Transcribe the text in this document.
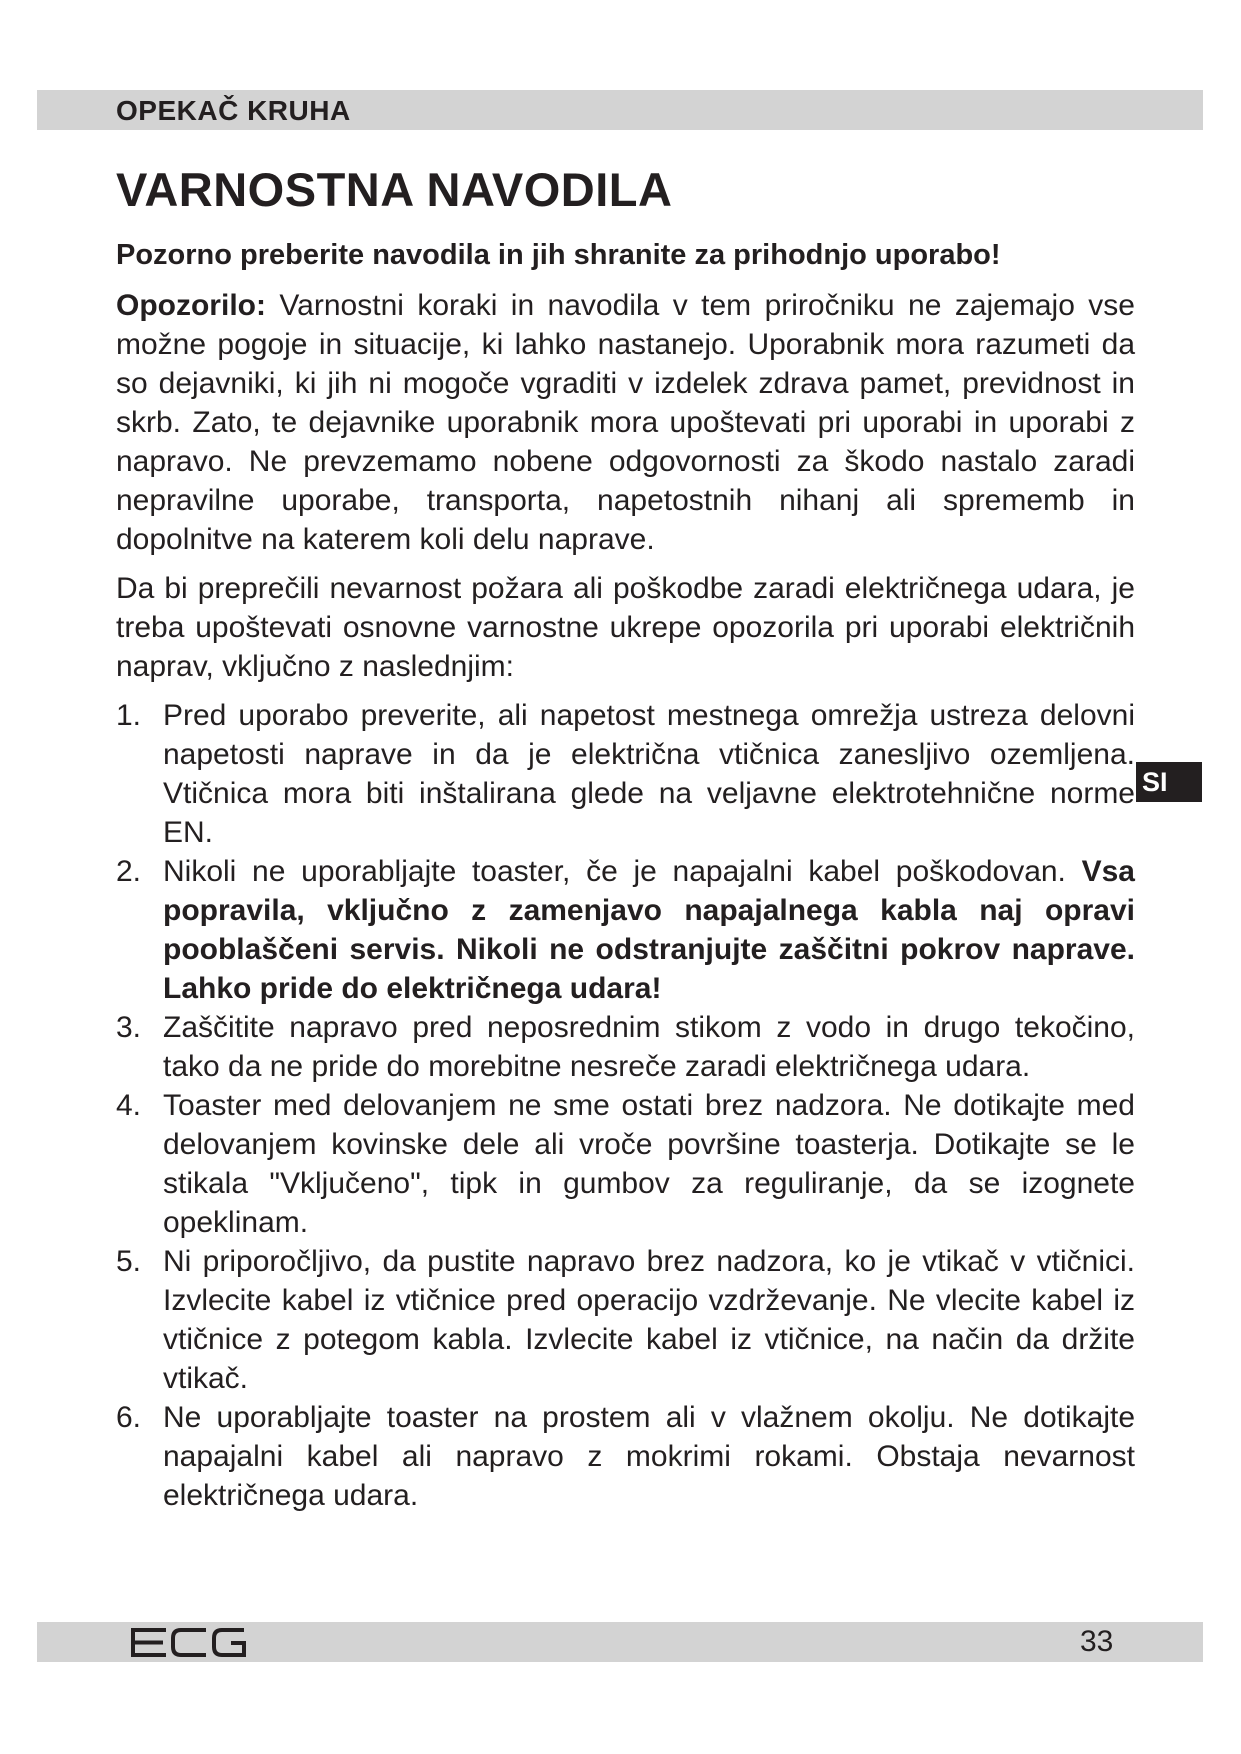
OPEKAČ KRUHA
VARNOSTNA NAVODILA
Pozorno preberite navodila in jih shranite za prihodnjo uporabo!

Opozorilo: Varnostni koraki in navodila v tem priročniku ne zajemajo vse možne pogoje in situacije, ki lahko nastanejo. Uporabnik mora razumeti da so dejavniki, ki jih ni mogoče vgraditi v izdelek zdrava pamet, previdnost in skrb. Zato, te dejavnike uporabnik mora upoštevati pri uporabi in uporabi z napravo. Ne prevzemamo nobene odgovornosti za škodo nastalo zaradi nepravilne uporabe, transporta, napetostnih nihanj ali sprememb in dopolnitve na katerem koli delu naprave.

Da bi preprečili nevarnost požara ali poškodbe zaradi električnega udara, je treba upoštevati osnovne varnostne ukrepe opozorila pri uporabi električnih naprav, vključno z naslednjim:

1. Pred uporabo preverite, ali napetost mestnega omrežja ustreza delovni napetosti naprave in da je električna vtičnica zanesljivo ozemljena. Vtičnica mora biti inštalirana glede na veljavne elektrotehnične norme EN.
2. Nikoli ne uporabljajte toaster, če je napajalni kabel poškodovan. Vsa popravila, vključno z zamenjavo napajalnega kabla naj opravi pooblaščeni servis. Nikoli ne odstranjujte zaščitni pokrov naprave. Lahko pride do električnega udara!
3. Zaščitite napravo pred neposrednim stikom z vodo in drugo tekočino, tako da ne pride do morebitne nesreče zaradi električnega udara.
4. Toaster med delovanjem ne sme ostati brez nadzora. Ne dotikajte med delovanjem kovinske dele ali vroče površine toasterja. Dotikajte se le stikala "Vključeno", tipk in gumbov za reguliranje, da se izognete opeklinam.
5. Ni priporočljivo, da pustite napravo brez nadzora, ko je vtikač v vtičnici. Izvlecite kabel iz vtičnice pred operacijo vzdrževanje. Ne vlecite kabel iz vtičnice z potegom kabla. Izvlecite kabel iz vtičnice, na način da držite vtikač.
6. Ne uporabljajte toaster na prostem ali v vlažnem okolju. Ne dotikajte napajalni kabel ali napravo z mokrimi rokami. Obstaja nevarnost električnega udara.
SI
33
